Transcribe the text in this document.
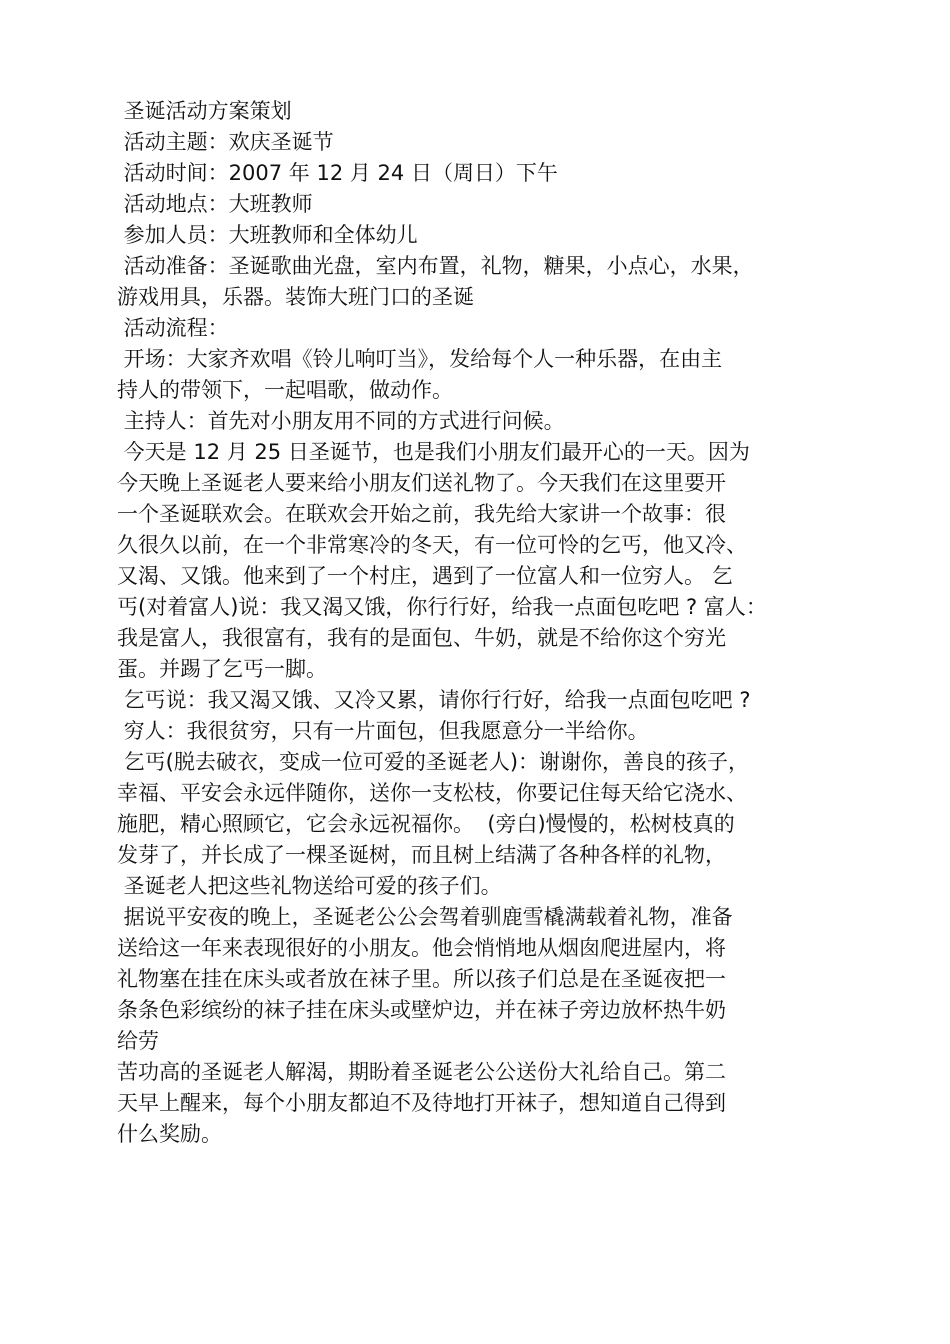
圣诞活动方案策划
活动主题：欢庆圣诞节
活动时间：2007 年 12 月 24 日（周日）下午
活动地点：大班教师
参加人员：大班教师和全体幼儿
活动准备：圣诞歌曲光盘，室内布置，礼物，糖果，小点心，水果，
游戏用具，乐器。装饰大班门口的圣诞
活动流程：
开场：大家齐欢唱《铃儿响叮当》，发给每个人一种乐器，在由主
持人的带领下，一起唱歌，做动作。
主持人：首先对小朋友用不同的方式进行问候。
今天是 12 月 25 日圣诞节，也是我们小朋友们最开心的一天。因为
今天晚上圣诞老人要来给小朋友们送礼物了。今天我们在这里要开
一个圣诞联欢会。在联欢会开始之前，我先给大家讲一个故事：很
久很久以前，在一个非常寒冷的冬天，有一位可怜的乞丐，他又冷、
又渴、又饿。他来到了一个村庄，遇到了一位富人和一位穷人。 乞
丐(对着富人)说：我又渴又饿，你行行好，给我一点面包吃吧 ? 富人：
我是富人，我很富有，我有的是面包、牛奶，就是不给你这个穷光
蛋。并踢了乞丐一脚。
乞丐说：我又渴又饿、又冷又累，请你行行好，给我一点面包吃吧 ?
穷人：我很贫穷，只有一片面包，但我愿意分一半给你。
乞丐(脱去破衣，变成一位可爱的圣诞老人)：谢谢你，善良的孩子，
幸福、平安会永远伴随你，送你一支松枝，你要记住每天给它浇水、
施肥，精心照顾它，它会永远祝福你。  (旁白)慢慢的，松树枝真的
发芽了，并长成了一棵圣诞树，而且树上结满了各种各样的礼物，
圣诞老人把这些礼物送给可爱的孩子们。
据说平安夜的晚上，圣诞老公公会驾着驯鹿雪橇满载着礼物，准备
送给这一年来表现很好的小朋友。他会悄悄地从烟囱爬进屋内，将
礼物塞在挂在床头或者放在袜子里。所以孩子们总是在圣诞夜把一
条条色彩缤纷的袜子挂在床头或壁炉边，并在袜子旁边放杯热牛奶
给劳
苦功高的圣诞老人解渴，期盼着圣诞老公公送份大礼给自己。第二
天早上醒来，每个小朋友都迫不及待地打开袜子，想知道自己得到
什么奖励。
